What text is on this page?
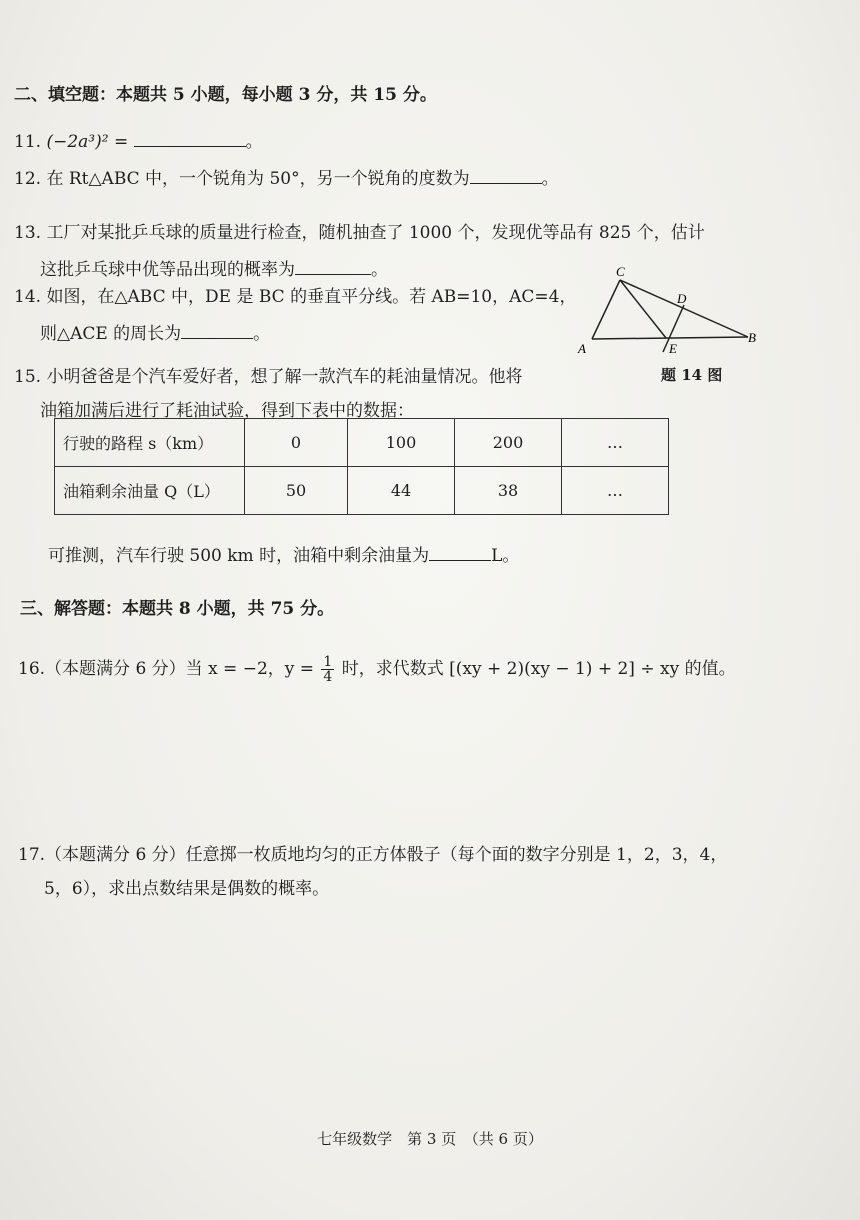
二、填空题：本题共 5 小题，每小题 3 分，共 15 分。
11. (−2a³)² =	。
12. 在 Rt△ABC 中，一个锐角为 50°，另一个锐角的度数为	。
13. 工厂对某批乒乓球的质量进行检查，随机抽查了 1000 个，发现优等品有 825 个，估计
这批乒乓球中优等品出现的概率为	。
14. 如图，在△ABC 中，DE 是 BC 的垂直平分线。若 AB=10，AC=4，
则△ACE 的周长为	。
A
C
D
E
B
题 14 图
15. 小明爸爸是个汽车爱好者，想了解一款汽车的耗油量情况。他将
油箱加满后进行了耗油试验，得到下表中的数据：
行驶的路程 s（km）	0	100	200	…
油箱剩余油量 Q（L）	50	44	38	…
可推测，汽车行驶 500 km 时，油箱中剩余油量为	L。
三、解答题：本题共 8 小题，共 75 分。
16.（本题满分 6 分）当 x = −2，$y = \frac{1}{4}$ 时，求代数式 [(xy + 2)(xy − 1) + 2] ÷ xy 的值。
17.（本题满分 6 分）任意掷一枚质地均匀的正方体骰子（每个面的数字分别是 1，2，3，4，
5，6），求出点数结果是偶数的概率。
七年级数学　第 3 页　（共 6 页）
